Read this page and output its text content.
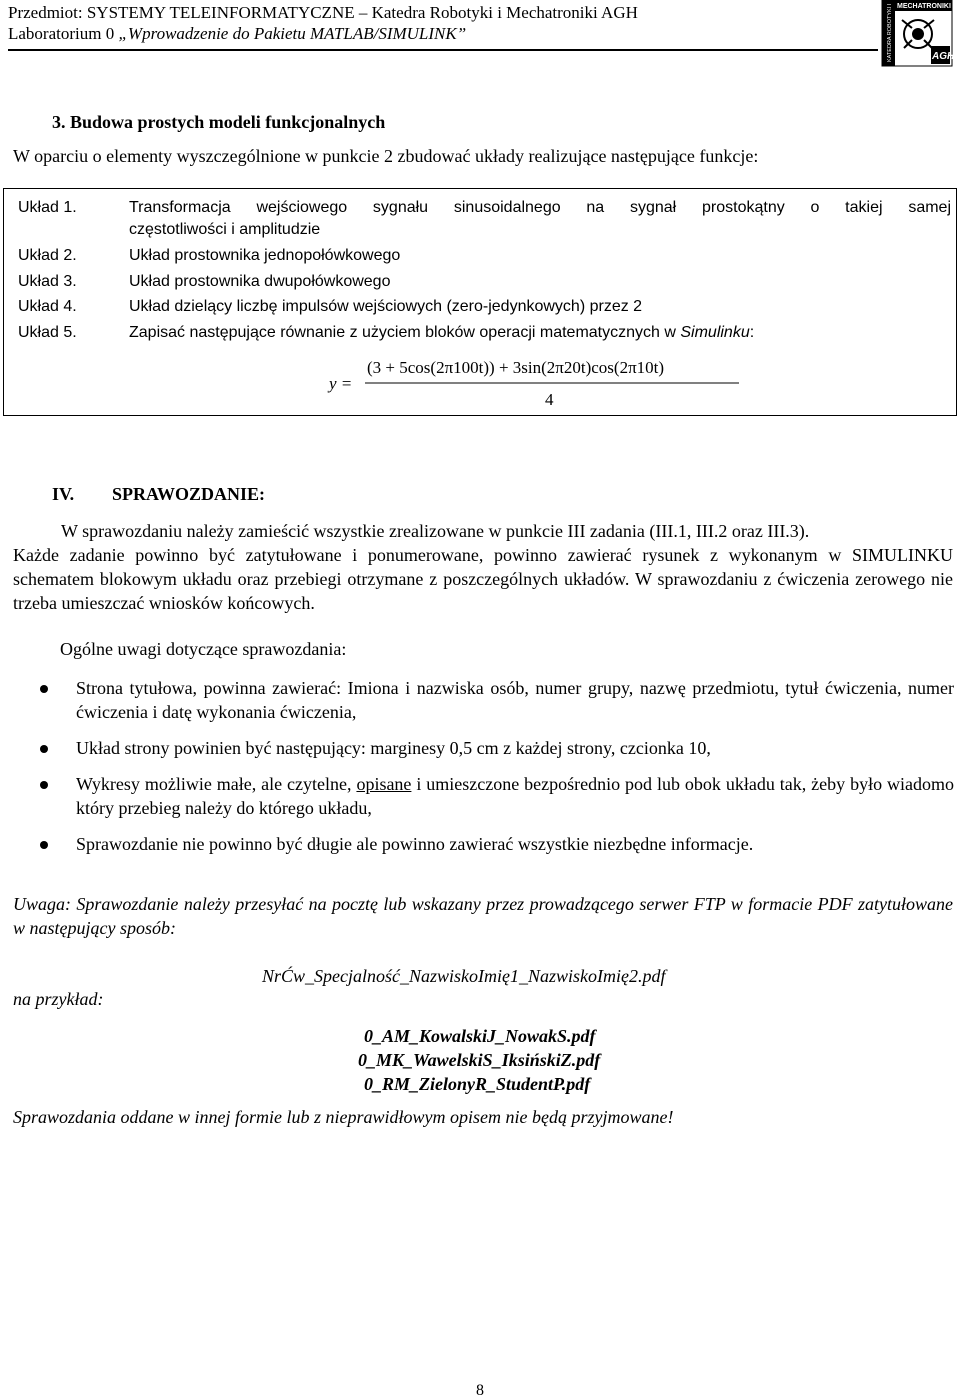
Przedmiot: SYSTEMY TELEINFORMATYCZNE – Katedra Robotyki i Mechatroniki AGH
Laboratorium 0 „Wprowadzenie do Pakietu MATLAB/SIMULINK”	KATEDRA ROBOTYKI I MECHATRONIKI
AGH
3. Budowa prostych modeli funkcjonalnych
W oparciu o elementy wyszczególnione w punkcie 2 zbudować układy realizujące następujące funkcje:
Układ 1.	Transformacja wejściowego sygnału sinusoidalnego na sygnał prostokątny o takiej samej
częstotliwości i amplitudzie
Układ 2.	Układ prostownika jednopołówkowego
Układ 3.	Układ prostownika dwupołówkowego
Układ 4.	Układ dzielący liczbę impulsów wejściowych (zero-jedynkowych) przez 2
Układ 5.	Zapisać następujące równanie z użyciem bloków operacji matematycznych w Simulinku:
y =
(3 + 5cos(2π100t)) + 3sin(2π20t)cos(2π10t)
4
IV. SPRAWOZDANIE:
W sprawozdaniu należy zamieścić wszystkie zrealizowane w punkcie III zadania (III.1, III.2 oraz III.3).
Każde zadanie powinno być zatytułowane i ponumerowane, powinno zawierać rysunek z wykonanym w SIMULINKU schematem blokowym układu oraz przebiegi otrzymane z poszczególnych układów. W sprawozdaniu z ćwiczenia zerowego nie trzeba umieszczać wniosków końcowych.
Ogólne uwagi dotyczące sprawozdania:
Strona tytułowa, powinna zawierać: Imiona i nazwiska osób, numer grupy, nazwę przedmiotu, tytuł ćwiczenia, numer ćwiczenia i datę wykonania ćwiczenia,
Układ strony powinien być następujący: marginesy 0,5 cm z każdej strony, czcionka 10,
Wykresy możliwie małe, ale czytelne, opisane i umieszczone bezpośrednio pod lub obok układu tak, żeby było wiadomo który przebieg należy do którego układu,
Sprawozdanie nie powinno być długie ale powinno zawierać wszystkie niezbędne informacje.
Uwaga: Sprawozdanie należy przesyłać na pocztę lub wskazany przez prowadzącego serwer FTP w formacie PDF zatytułowane w następujący sposób:
NrĆw_Specjalność_NazwiskoImię1_NazwiskoImię2.pdf
na przykład:
0_AM_KowalskiJ_NowakS.pdf
0_MK_WawelskiS_IksińskiZ.pdf
0_RM_ZielonyR_StudentP.pdf
Sprawozdania oddane w innej formie lub z nieprawidłowym opisem nie będą przyjmowane!
8
